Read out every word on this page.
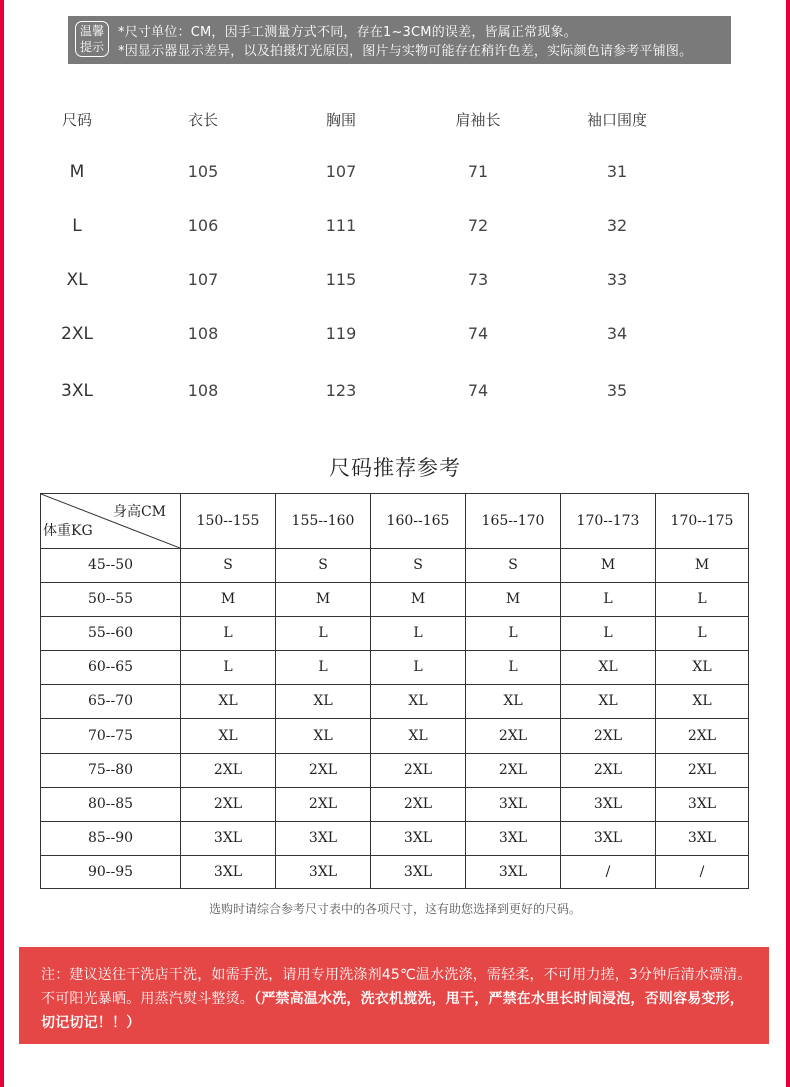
温馨
提示
*尺寸单位：CM，因手工测量方式不同，存在1~3CM的误差，皆属正常现象。
*因显示器显示差异，以及拍摄灯光原因，图片与实物可能存在稍许色差，实际颜色请参考平铺图。
尺码	衣长	胸围	肩袖长	袖口围度
M	105	107	71	31
L	106	111	72	32
XL	107	115	73	33
2XL	108	119	74	34
3XL	108	123	74	35
尺码推荐参考
身高CM
体重KG
150--155	155--160	160--165	165--170	170--173	170--175
45--50	S	S	S	S	M	M
50--55	M	M	M	M	L	L
55--60	L	L	L	L	L	L
60--65	L	L	L	L	XL	XL
65--70	XL	XL	XL	XL	XL	XL
70--75	XL	XL	XL	2XL	2XL	2XL
75--80	2XL	2XL	2XL	2XL	2XL	2XL
80--85	2XL	2XL	2XL	3XL	3XL	3XL
85--90	3XL	3XL	3XL	3XL	3XL	3XL
90--95	3XL	3XL	3XL	3XL	/	/
选购时请综合参考尺寸表中的各项尺寸，这有助您选择到更好的尺码。
注：建议送往干洗店干洗，如需手洗，请用专用洗涤剂45℃温水洗涤，需轻柔，不可用力搓，3分钟后清水漂清。不可阳光暴晒。用蒸汽熨斗整烫。（严禁高温水洗，洗衣机搅洗，甩干，严禁在水里长时间浸泡，否则容易变形，切记切记！！）
